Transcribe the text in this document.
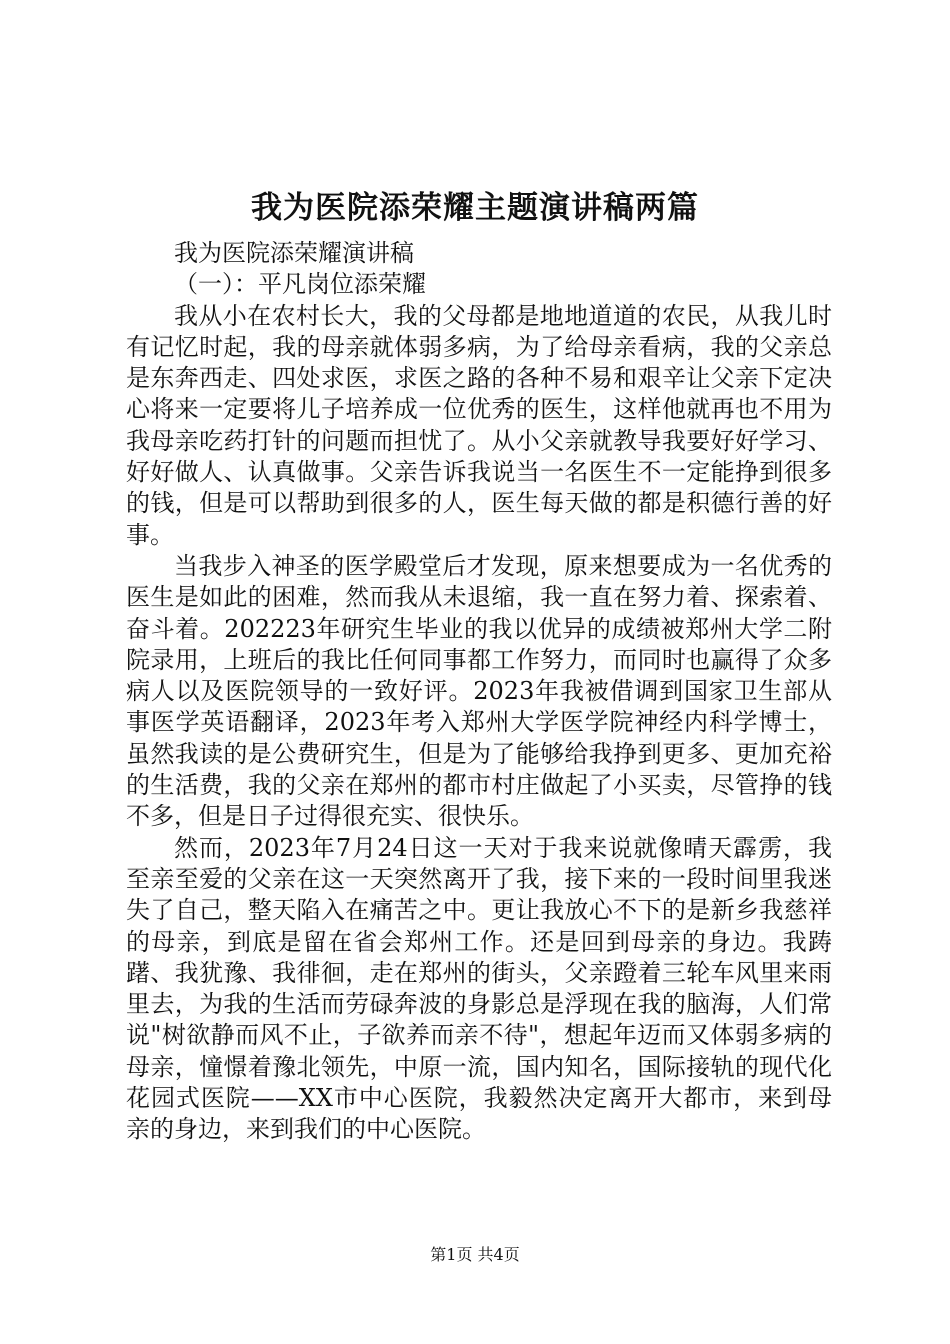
我为医院添荣耀主题演讲稿两篇

我为医院添荣耀演讲稿

（一）：平凡岗位添荣耀

我从小在农村长大，我的父母都是地地道道的农民，从我儿时有记忆时起，我的母亲就体弱多病，为了给母亲看病，我的父亲总是东奔西走、四处求医，求医之路的各种不易和艰辛让父亲下定决心将来一定要将儿子培养成一位优秀的医生，这样他就再也不用为我母亲吃药打针的问题而担忧了。从小父亲就教导我要好好学习、好好做人、认真做事。父亲告诉我说当一名医生不一定能挣到很多的钱，但是可以帮助到很多的人，医生每天做的都是积德行善的好事。

当我步入神圣的医学殿堂后才发现，原来想要成为一名优秀的医生是如此的困难，然而我从未退缩，我一直在努力着、探索着、奋斗着。202223年研究生毕业的我以优异的成绩被郑州大学二附院录用，上班后的我比任何同事都工作努力，而同时也赢得了众多病人以及医院领导的一致好评。2023年我被借调到国家卫生部从事医学英语翻译，2023年考入郑州大学医学院神经内科学博士，虽然我读的是公费研究生，但是为了能够给我挣到更多、更加充裕的生活费，我的父亲在郑州的都市村庄做起了小买卖，尽管挣的钱不多，但是日子过得很充实、很快乐。

然而，2023年7月24日这一天对于我来说就像晴天霹雳，我至亲至爱的父亲在这一天突然离开了我，接下来的一段时间里我迷失了自己，整天陷入在痛苦之中。更让我放心不下的是新乡我慈祥的母亲，到底是留在省会郑州工作。还是回到母亲的身边。我踌躇、我犹豫、我徘徊，走在郑州的街头，父亲蹬着三轮车风里来雨里去，为我的生活而劳碌奔波的身影总是浮现在我的脑海，人们常说"树欲静而风不止，子欲养而亲不待"，想起年迈而又体弱多病的母亲，憧憬着豫北领先，中原一流，国内知名，国际接轨的现代化花园式医院——XX市中心医院，我毅然决定离开大都市，来到母亲的身边，来到我们的中心医院。

第1页 共4页
